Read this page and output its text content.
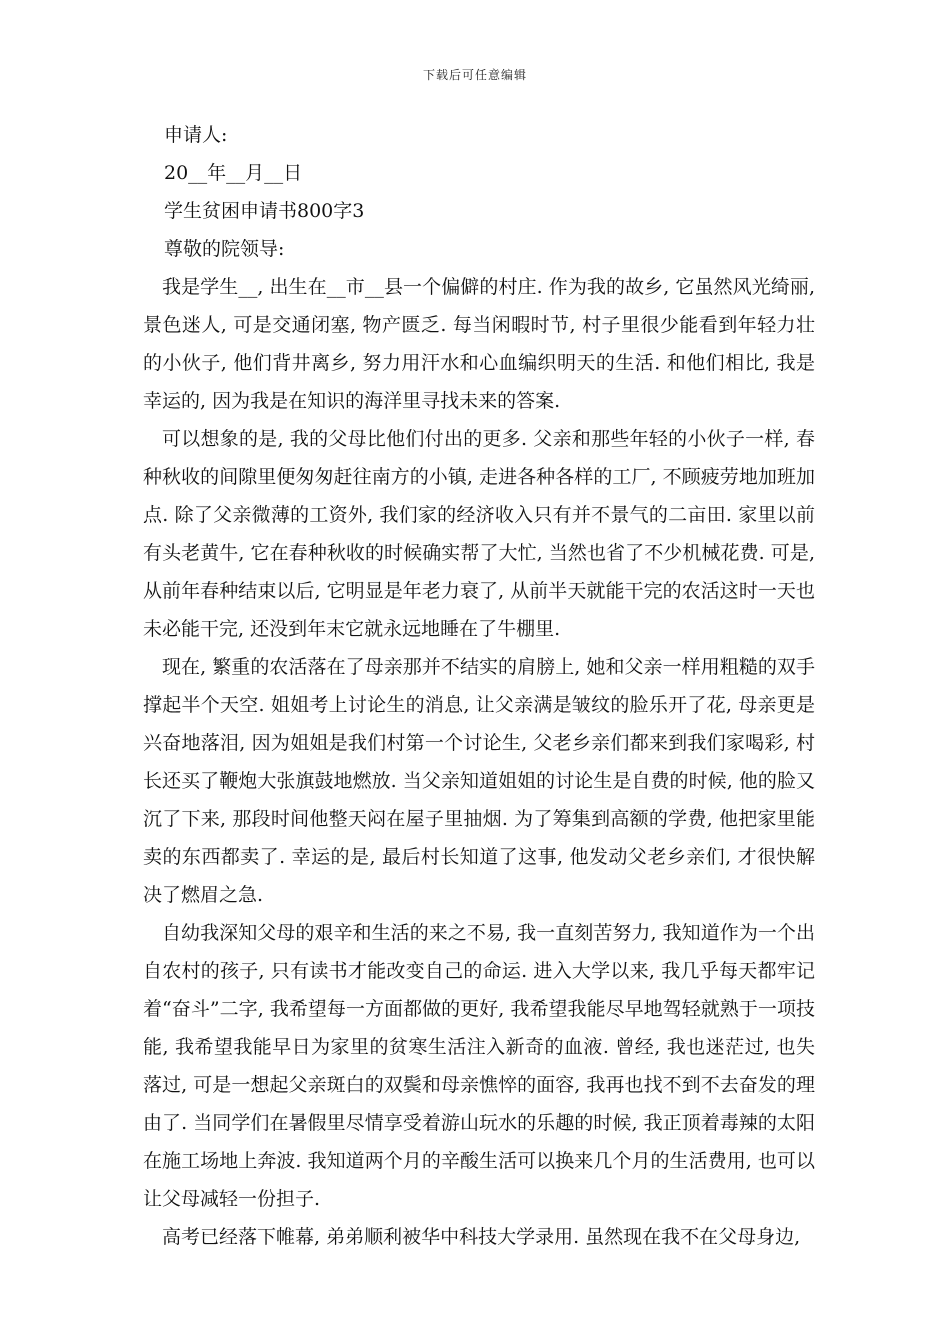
下载后可任意编辑

申请人:

20__年__月__日

学生贫困申请书800字3

尊敬的院领导:

我是学生__, 出生在__市__县一个偏僻的村庄. 作为我的故乡, 它虽然风光绮丽, 景色迷人, 可是交通闭塞, 物产匮乏. 每当闲暇时节, 村子里很少能看到年轻力壮的小伙子, 他们背井离乡, 努力用汗水和心血编织明天的生活. 和他们相比, 我是幸运的, 因为我是在知识的海洋里寻找未来的答案.

可以想象的是, 我的父母比他们付出的更多. 父亲和那些年轻的小伙子一样, 春种秋收的间隙里便匆匆赶往南方的小镇, 走进各种各样的工厂, 不顾疲劳地加班加点. 除了父亲微薄的工资外, 我们家的经济收入只有并不景气的二亩田. 家里以前有头老黄牛, 它在春种秋收的时候确实帮了大忙, 当然也省了不少机械花费. 可是, 从前年春种结束以后, 它明显是年老力衰了, 从前半天就能干完的农活这时一天也未必能干完, 还没到年末它就永远地睡在了牛棚里.

现在, 繁重的农活落在了母亲那并不结实的肩膀上, 她和父亲一样用粗糙的双手撑起半个天空. 姐姐考上讨论生的消息, 让父亲满是皱纹的脸乐开了花, 母亲更是兴奋地落泪, 因为姐姐是我们村第一个讨论生, 父老乡亲们都来到我们家喝彩, 村长还买了鞭炮大张旗鼓地燃放. 当父亲知道姐姐的讨论生是自费的时候, 他的脸又沉了下来, 那段时间他整天闷在屋子里抽烟. 为了筹集到高额的学费, 他把家里能卖的东西都卖了. 幸运的是, 最后村长知道了这事, 他发动父老乡亲们, 才很快解决了燃眉之急.

自幼我深知父母的艰辛和生活的来之不易, 我一直刻苦努力, 我知道作为一个出自农村的孩子, 只有读书才能改变自己的命运. 进入大学以来, 我几乎每天都牢记着“奋斗”二字, 我希望每一方面都做的更好, 我希望我能尽早地驾轻就熟于一项技能, 我希望我能早日为家里的贫寒生活注入新奇的血液. 曾经, 我也迷茫过, 也失落过, 可是一想起父亲斑白的双鬓和母亲憔悴的面容, 我再也找不到不去奋发的理由了. 当同学们在暑假里尽情享受着游山玩水的乐趣的时候, 我正顶着毒辣的太阳在施工场地上奔波. 我知道两个月的辛酸生活可以换来几个月的生活费用, 也可以让父母减轻一份担子.

高考已经落下帷幕, 弟弟顺利被华中科技大学录用. 虽然现在我不在父母身边,
